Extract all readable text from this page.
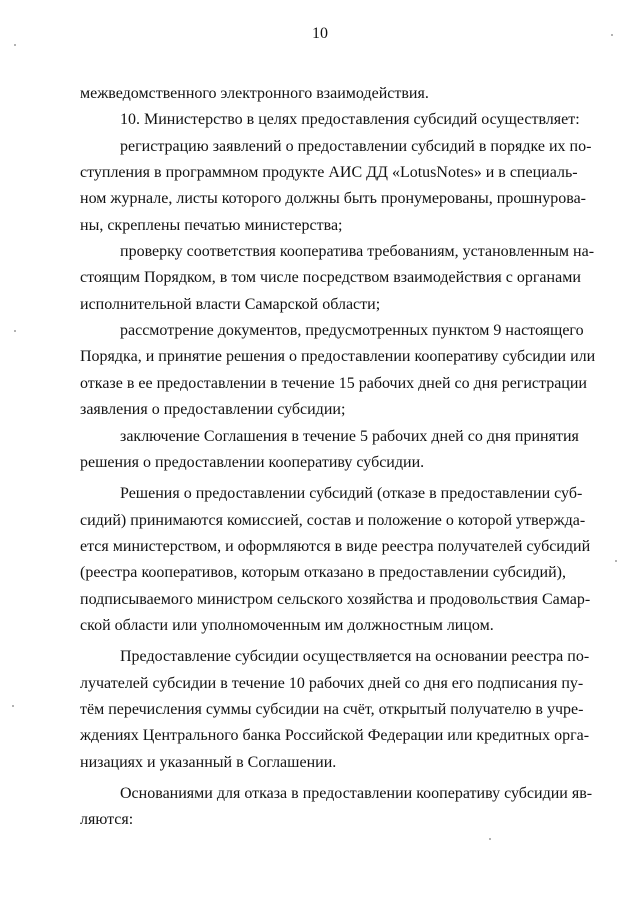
10
межведомственного электронного взаимодействия.
10. Министерство в целях предоставления субсидий осуществляет:
регистрацию заявлений о предоставлении субсидий в порядке их по-
ступления в программном продукте АИС ДД «LotusNotes» и в специаль-
ном журнале, листы которого должны быть пронумерованы, прошнурова-
ны, скреплены печатью министерства;
проверку соответствия кооператива требованиям, установленным на-
стоящим Порядком, в том числе посредством взаимодействия с органами
исполнительной власти Самарской области;
рассмотрение документов, предусмотренных пунктом 9 настоящего
Порядка, и принятие решения о предоставлении кооперативу субсидии или
отказе в ее предоставлении в течение 15 рабочих дней со дня регистрации
заявления о предоставлении субсидии;
заключение Соглашения в течение 5 рабочих дней со дня принятия
решения о предоставлении кооперативу субсидии.
Решения о предоставлении субсидий (отказе в предоставлении суб-
сидий) принимаются комиссией, состав и положение о которой утвержда-
ется министерством, и оформляются в виде реестра получателей субсидий
(реестра кооперативов, которым отказано в предоставлении субсидий),
подписываемого министром сельского хозяйства и продовольствия Самар-
ской области или уполномоченным им должностным лицом.
Предоставление субсидии осуществляется на основании реестра по-
лучателей субсидии в течение 10 рабочих дней со дня его подписания пу-
тём перечисления суммы субсидии на счёт, открытый получателю в учре-
ждениях Центрального банка Российской Федерации или кредитных орга-
низациях и указанный в Соглашении.
Основаниями для отказа в предоставлении кооперативу субсидии яв-
ляются:
